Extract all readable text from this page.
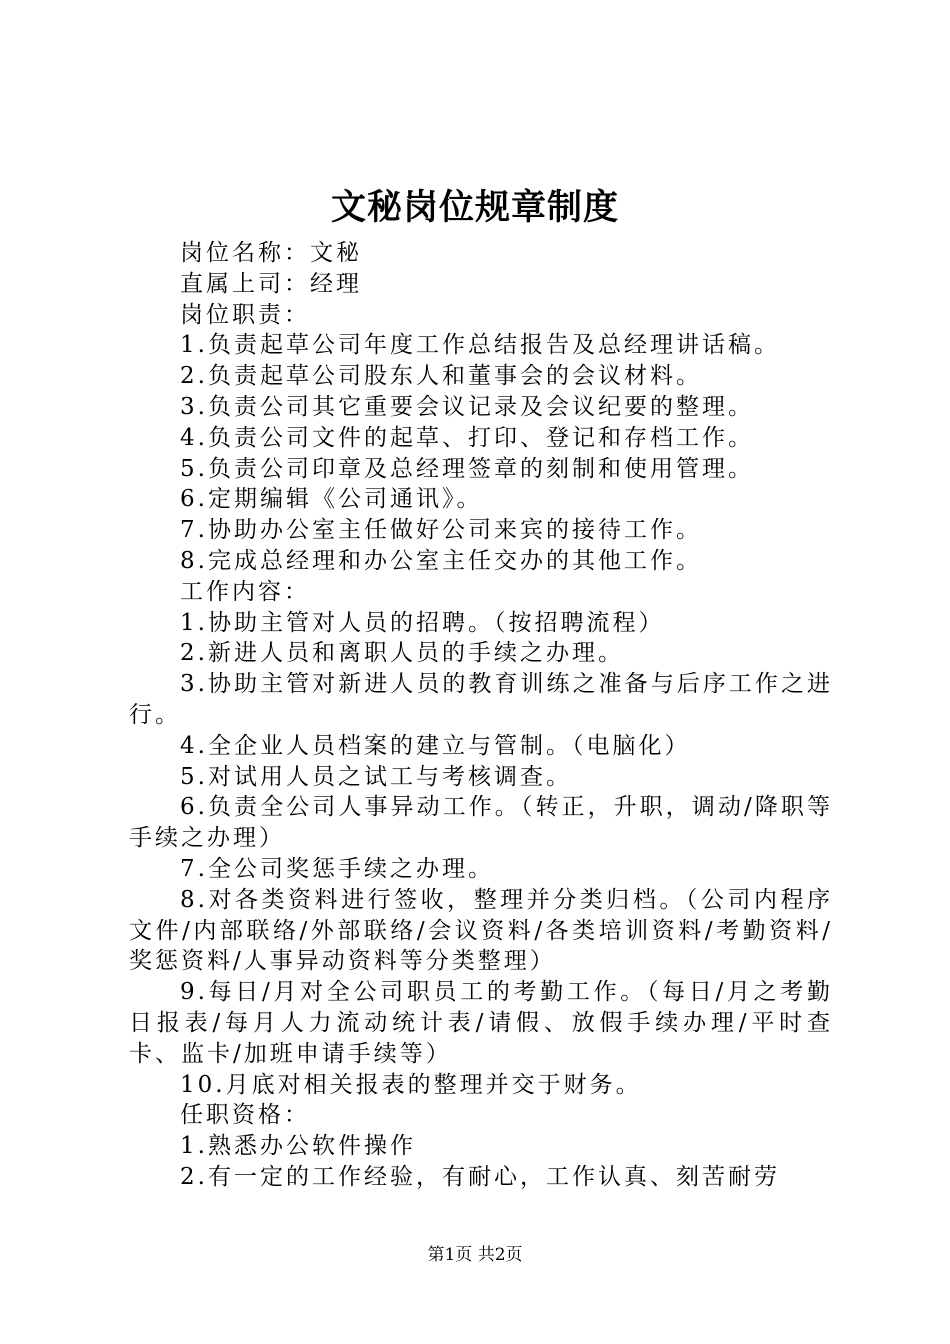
文秘岗位规章制度
岗位名称：文秘
直属上司：经理
岗位职责：
1.负责起草公司年度工作总结报告及总经理讲话稿。
2.负责起草公司股东人和董事会的会议材料。
3.负责公司其它重要会议记录及会议纪要的整理。
4.负责公司文件的起草、打印、登记和存档工作。
5.负责公司印章及总经理签章的刻制和使用管理。
6.定期编辑《公司通讯》。
7.协助办公室主任做好公司来宾的接待工作。
8.完成总经理和办公室主任交办的其他工作。
工作内容：
1.协助主管对人员的招聘。（按招聘流程）
2.新进人员和离职人员的手续之办理。
3.协助主管对新进人员的教育训练之准备与后序工作之进行。
4.全企业人员档案的建立与管制。（电脑化）
5.对试用人员之试工与考核调查。
6.负责全公司人事异动工作。（转正，升职，调动/降职等手续之办理）
7.全公司奖惩手续之办理。
8.对各类资料进行签收，整理并分类归档。（公司内程序文件/内部联络/外部联络/会议资料/各类培训资料/考勤资料/奖惩资料/人事异动资料等分类整理）
9.每日/月对全公司职员工的考勤工作。（每日/月之考勤日报表/每月人力流动统计表/请假、放假手续办理/平时查卡、监卡/加班申请手续等）
10.月底对相关报表的整理并交于财务。
任职资格：
1.熟悉办公软件操作
2.有一定的工作经验，有耐心，工作认真、刻苦耐劳
第1页 共2页
